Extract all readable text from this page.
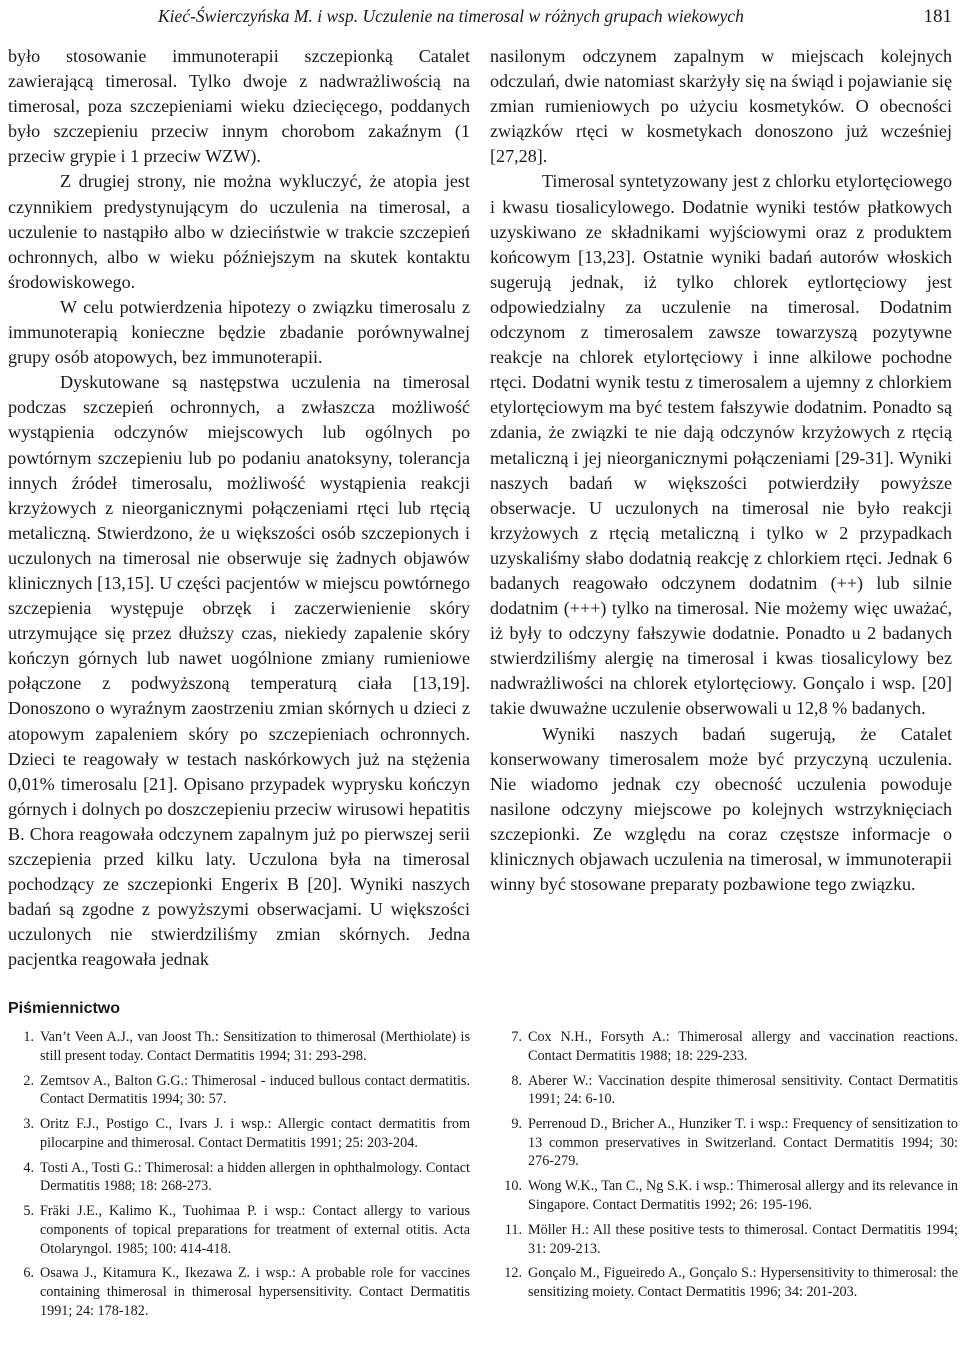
Kieć-Świerczyńska M. i wsp. Uczulenie na timerosal w różnych grupach wiekowych	181

było stosowanie immunoterapii szczepionką Catalet zawierającą timerosal. Tylko dwoje z nadwrażliwością na timerosal, poza szczepieniami wieku dziecięcego, poddanych było szczepieniu przeciw innym chorobom zakaźnym (1 przeciw grypie i 1 przeciw WZW).

Z drugiej strony, nie można wykluczyć, że atopia jest czynnikiem predystynującym do uczulenia na timerosal, a uczulenie to nastąpiło albo w dzieciństwie w trakcie szczepień ochronnych, albo w wieku późniejszym na skutek kontaktu środowiskowego.

W celu potwierdzenia hipotezy o związku timerosalu z immunoterapią konieczne będzie zbadanie porównywalnej grupy osób atopowych, bez immunoterapii.

Dyskutowane są następstwa uczulenia na timerosal podczas szczepień ochronnych, a zwłaszcza możliwość wystąpienia odczynów miejscowych lub ogólnych po powtórnym szczepieniu lub po podaniu anatoksyny, tolerancja innych źródeł timerosalu, możliwość wystąpienia reakcji krzyżowych z nieorganicznymi połączeniami rtęci lub rtęcią metaliczną. Stwierdzono, że u większości osób szczepionych i uczulonych na timerosal nie obserwuje się żadnych objawów klinicznych [13,15]. U części pacjentów w miejscu powtórnego szczepienia występuje obrzęk i zaczerwienienie skóry utrzymujące się przez dłuższy czas, niekiedy zapalenie skóry kończyn górnych lub nawet uogólnione zmiany rumieniowe połączone z podwyższoną temperaturą ciała [13,19]. Donoszono o wyraźnym zaostrzeniu zmian skórnych u dzieci z atopowym zapaleniem skóry po szczepieniach ochronnych. Dzieci te reagowały w testach naskórkowych już na stężenia 0,01% timerosalu [21]. Opisano przypadek wyprysku kończyn górnych i dolnych po doszczepieniu przeciw wirusowi hepatitis B. Chora reagowała odczynem zapalnym już po pierwszej serii szczepienia przed kilku laty. Uczulona była na timerosal pochodzący ze szczepionki Engerix B [20]. Wyniki naszych badań są zgodne z powyższymi obserwacjami. U większości uczulonych nie stwierdziliśmy zmian skórnych. Jedna pacjentka reagowała jednak

nasilonym odczynem zapalnym w miejscach kolejnych odczulań, dwie natomiast skarżyły się na świąd i pojawianie się zmian rumieniowych po użyciu kosmetyków. O obecności związków rtęci w kosmetykach donoszono już wcześniej [27,28].

Timerosal syntetyzowany jest z chlorku etylortęciowego i kwasu tiosalicylowego. Dodatnie wyniki testów płatkowych uzyskiwano ze składnikami wyjściowymi oraz z produktem końcowym [13,23]. Ostatnie wyniki badań autorów włoskich sugerują jednak, iż tylko chlorek eytlortęciowy jest odpowiedzialny za uczulenie na timerosal. Dodatnim odczynom z timerosalem zawsze towarzyszą pozytywne reakcje na chlorek etylortęciowy i inne alkilowe pochodne rtęci. Dodatni wynik testu z timerosalem a ujemny z chlorkiem etylortęciowym ma być testem fałszywie dodatnim. Ponadto są zdania, że związki te nie dają odczynów krzyżowych z rtęcią metaliczną i jej nieorganicznymi połączeniami [29-31]. Wyniki naszych badań w większości potwierdziły powyższe obserwacje. U uczulonych na timerosal nie było reakcji krzyżowych z rtęcią metaliczną i tylko w 2 przypadkach uzyskaliśmy słabo dodatnią reakcję z chlorkiem rtęci. Jednak 6 badanych reagowało odczynem dodatnim (++) lub silnie dodatnim (+++) tylko na timerosal. Nie możemy więc uważać, iż były to odczyny fałszywie dodatnie. Ponadto u 2 badanych stwierdziliśmy alergię na timerosal i kwas tiosalicylowy bez nadwrażliwości na chlorek etylortęciowy. Gonçalo i wsp. [20] takie dwuważne uczulenie obserwowali u 12,8 % badanych.

Wyniki naszych badań sugerują, że Catalet konserwowany timerosalem może być przyczyną uczulenia. Nie wiadomo jednak czy obecność uczulenia powoduje nasilone odczyny miejscowe po kolejnych wstrzyknięciach szczepionki. Ze względu na coraz częstsze informacje o klinicznych objawach uczulenia na timerosal, w immunoterapii winny być stosowane preparaty pozbawione tego związku.

Piśmiennictwo
1. Van’t Veen A.J., van Joost Th.: Sensitization to thimerosal (Merthiolate) is still present today. Contact Dermatitis 1994; 31: 293-298.
2. Zemtsov A., Balton G.G.: Thimerosal - induced bullous contact dermatitis. Contact Dermatitis 1994; 30: 57.
3. Oritz F.J., Postigo C., Ivars J. i wsp.: Allergic contact dermatitis from pilocarpine and thimerosal. Contact Dermatitis 1991; 25: 203-204.
4. Tosti A., Tosti G.: Thimerosal: a hidden allergen in ophthalmology. Contact Dermatitis 1988; 18: 268-273.
5. Fräki J.E., Kalimo K., Tuohimaa P. i wsp.: Contact allergy to various components of topical preparations for treatment of external otitis. Acta Otolaryngol. 1985; 100: 414-418.
6. Osawa J., Kitamura K., Ikezawa Z. i wsp.: A probable role for vaccines containing thimerosal in thimerosal hypersensitivity. Contact Dermatitis 1991; 24: 178-182.
7. Cox N.H., Forsyth A.: Thimerosal allergy and vaccination reactions. Contact Dermatitis 1988; 18: 229-233.
8. Aberer W.: Vaccination despite thimerosal sensitivity. Contact Dermatitis 1991; 24: 6-10.
9. Perrenoud D., Bricher A., Hunziker T. i wsp.: Frequency of sensitization to 13 common preservatives in Switzerland. Contact Dermatitis 1994; 30: 276-279.
10. Wong W.K., Tan C., Ng S.K. i wsp.: Thimerosal allergy and its relevance in Singapore. Contact Dermatitis 1992; 26: 195-196.
11. Möller H.: All these positive tests to thimerosal. Contact Dermatitis 1994; 31: 209-213.
12. Gonçalo M., Figueiredo A., Gonçalo S.: Hypersensitivity to thimerosal: the sensitizing moiety. Contact Dermatitis 1996; 34: 201-203.
